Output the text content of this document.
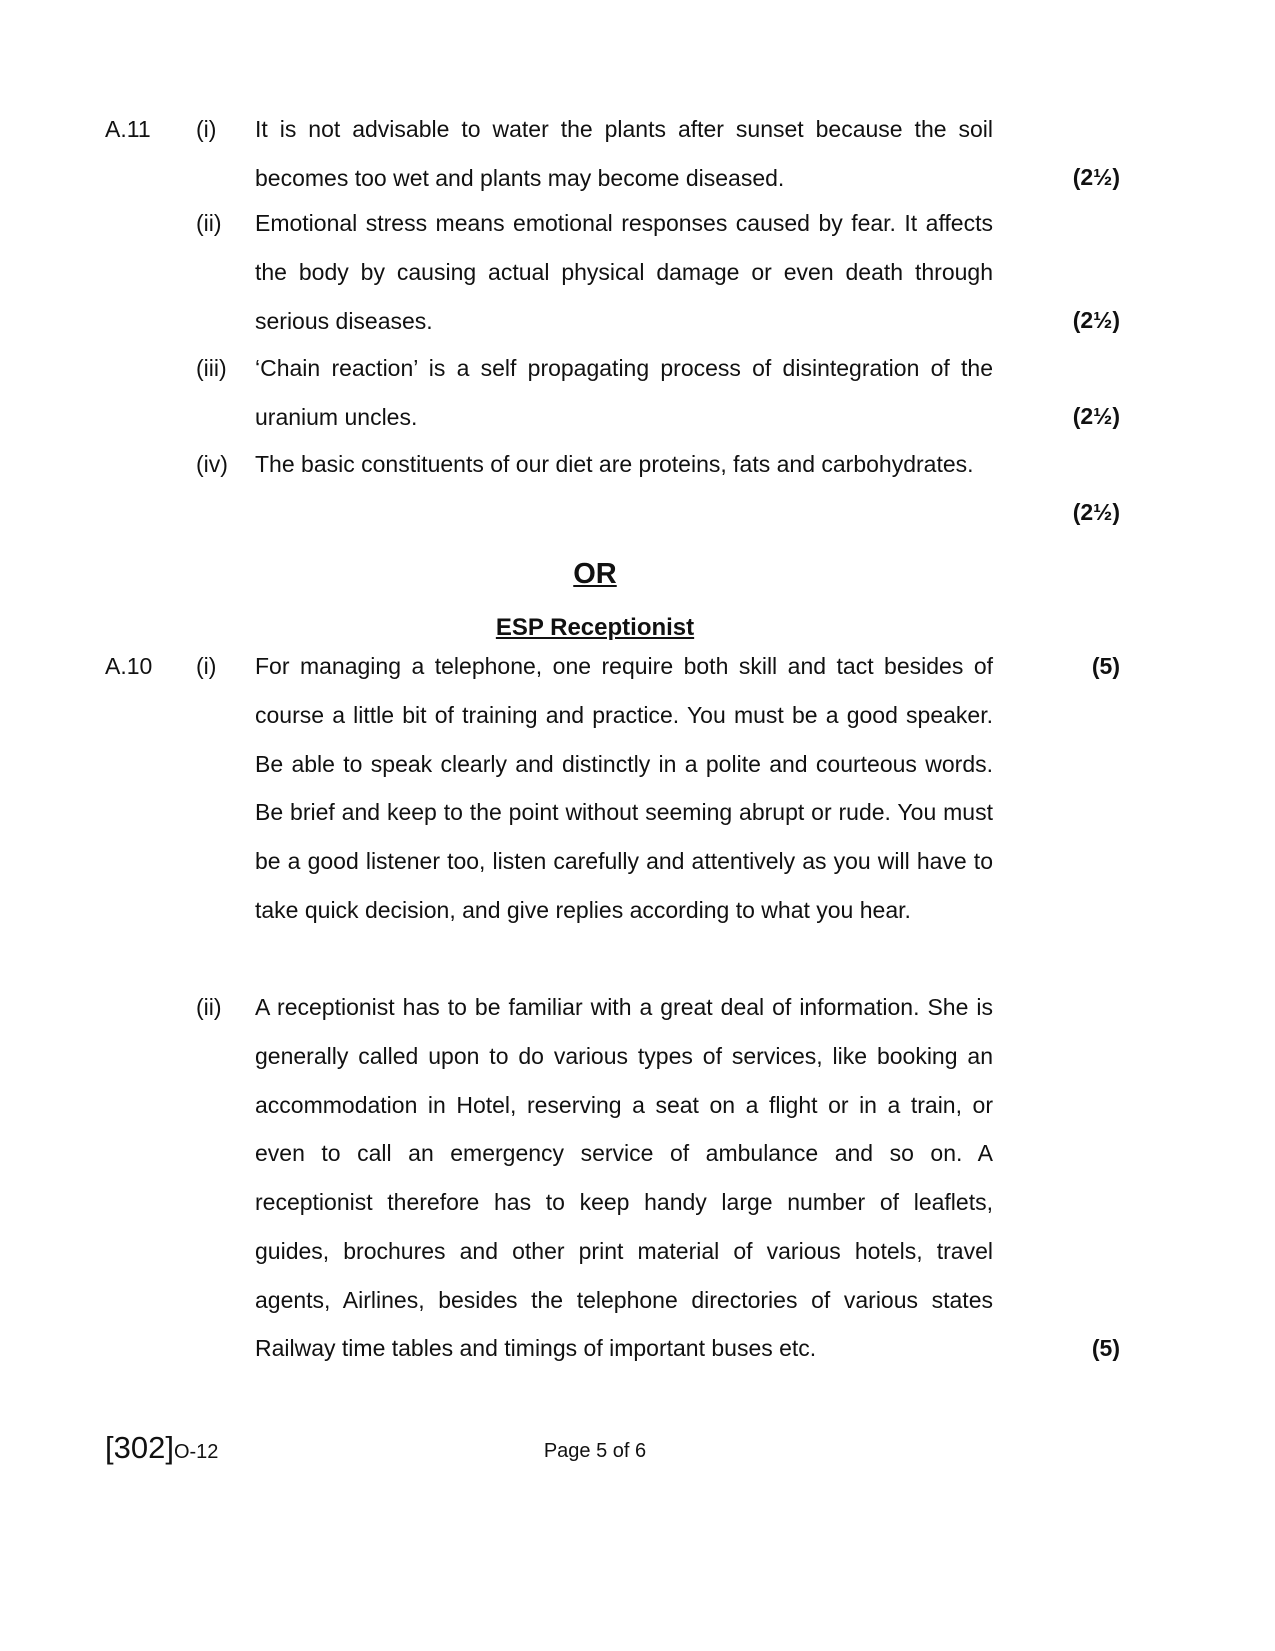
A.11 (i) It is not advisable to water the plants after sunset because the soil becomes too wet and plants may become diseased.	(2½)
(ii) Emotional stress means emotional responses caused by fear. It affects the body by causing actual physical damage or even death through serious diseases.	(2½)
(iii) ‘Chain reaction’ is a self propagating process of disintegration of the uranium uncles.	(2½)
(iv) The basic constituents of our diet are proteins, fats and carbohydrates.

(2½)
OR
ESP Receptionist
A.10 (i)	(5)

For managing a telephone, one require both skill and tact besides of course a little bit of training and practice. You must be a good speaker. Be able to speak clearly and distinctly in a polite and courteous words. Be brief and keep to the point without seeming abrupt or rude. You must be a good listener too, listen carefully and attentively as you will have to take quick decision, and give replies according to what you hear.

(ii) A receptionist has to be familiar with a great deal of information. She is generally called upon to do various types of services, like booking an accommodation in Hotel, reserving a seat on a flight or in a train, or even to call an emergency service of ambulance and so on. A receptionist therefore has to keep handy large number of leaflets, guides, brochures and other print material of various hotels, travel agents, Airlines, besides the telephone directories of various states Railway time tables and timings of important buses etc.	(5)
[302]O-12	Page 5 of 6
